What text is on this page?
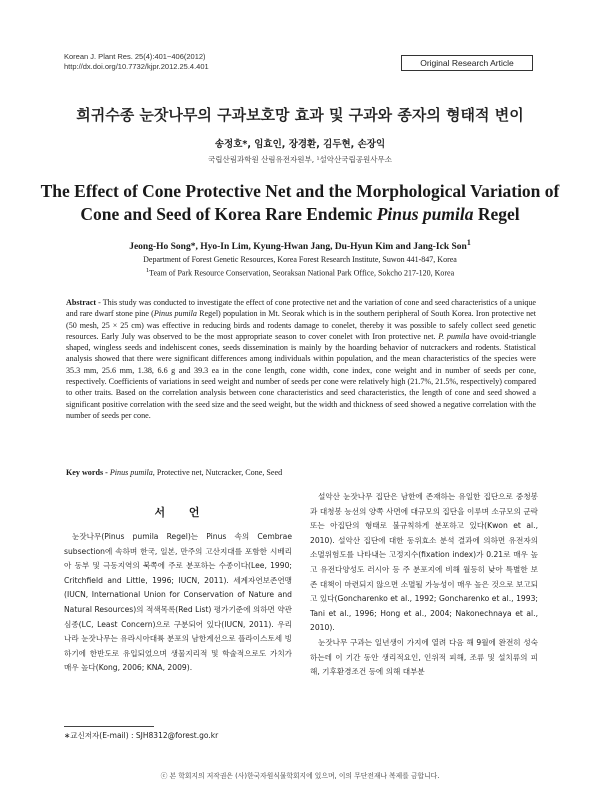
Korean J. Plant Res. 25(4):401~406(2012)
http://dx.doi.org/10.7732/kjpr.2012.25.4.401	Original Research Article
희귀수종 눈잣나무의 구과보호망 효과 및 구과와 종자의 형태적 변이
송정호*, 임효인, 장경환, 김두현, 손장익
국립산림과학원 산림유전자원부, ¹설악산국립공원사무소
The Effect of Cone Protective Net and the Morphological Variation of
Cone and Seed of Korea Rare Endemic Pinus pumila Regel
Jeong-Ho Song*, Hyo-In Lim, Kyung-Hwan Jang, Du-Hyun Kim and Jang-Ick Son$^1$
Department of Forest Genetic Resources, Korea Forest Research Institute, Suwon 441-847, Korea
$^1$Team of Park Resource Conservation, Seoraksan National Park Office, Sokcho 217-120, Korea
Abstract - This study was conducted to investigate the effect of cone protective net and the variation of cone and seed characteristics of a unique and rare dwarf stone pine (Pinus pumila Regel) population in Mt. Seorak which is in the southern peripheral of South Korea. Iron protective net (50 mesh, 25 × 25 cm) was effective in reducing birds and rodents damage to conelet, thereby it was possible to safely collect seed genetic resources. Early July was observed to be the most appropriate season to cover conelet with Iron protective net. P. pumila have ovoid-triangle shaped, wingless seeds and indehiscent cones, seeds dissemination is mainly by the hoarding behavior of nutcrackers and rodents. Statistical analysis showed that there were significant differences among individuals within population, and the mean characteristics of the species were 35.3 mm, 25.6 mm, 1.38, 6.6 g and 39.3 ea in the cone length, cone width, cone index, cone weight and in number of seeds per cone, respectively. Coefficients of variations in seed weight and number of seeds per cone were relatively high (21.7%, 21.5%, respectively) compared to other traits. Based on the correlation analysis between cone characteristics and seed characteristics, the length of cone and seed showed a significant positive correlation with the seed size and the seed weight, but the width and thickness of seed showed a negative correlation with the number of seeds per cone.
Key words - Pinus pumila, Protective net, Nutcracker, Cone, Seed
서 언

눈잣나무(Pinus pumila Regel)는 Pinus 속의 Cembrae subsection에 속하며 한국, 일본, 만주의 고산지대를 포함한 시베리아 동부 및 극동지역의 북쪽에 주로 분포하는 수종이다(Lee, 1990; Critchfield and Little, 1996; IUCN, 2011). 세계자연보존연맹(IUCN, International Union for Conservation of Nature and Natural Resources)의 적색목록(Red List) 평가기준에 의하면 약관심종(LC, Least Concern)으로 구분되어 있다(IUCN, 2011). 우리나라 눈잣나무는 유라시아대륙 분포의 남한계선으로 플라이스토세 빙하기에 한반도로 유입되었으며 생물지리적 및 학술적으로도 가치가 매우 높다(Kong, 2006; KNA, 2009).

설악산 눈잣나무 집단은 남한에 존재하는 유일한 집단으로 중청봉과 대청봉 능선의 양쪽 사면에 대규모의 집단을 이루며 소규모의 군락 또는 아집단의 형태로 불규칙하게 분포하고 있다(Kwon et al., 2010). 설악산 집단에 대한 동위효소 분석 결과에 의하면 유전자의 소멸위험도를 나타내는 고정지수(fixation index)가 0.21로 매우 높고 유전다양성도 러시아 등 주 분포지에 비해 월등히 낮아 특별한 보존 대책이 마련되지 않으면 소멸될 가능성이 매우 높은 것으로 보고되고 있다(Goncharenko et al., 1992; Goncharenko et al., 1993; Tani et al., 1996; Hong et al., 2004; Nakonechnaya et al., 2010).

눈잣나무 구과는 일년생이 가지에 열려 다음 해 9월에 완전히 성숙하는데 이 기간 동안 생리적요인, 인위적 피해, 조류 및 설치류의 피해, 기후환경조건 등에 의해 대부분

∗교신저자(E-mail) : SJH8312@forest.go.kr
ⓒ 본 학회지의 저작권은 (사)한국자원식물학회지에 있으며, 이의 무단전재나 복제를 금합니다.
